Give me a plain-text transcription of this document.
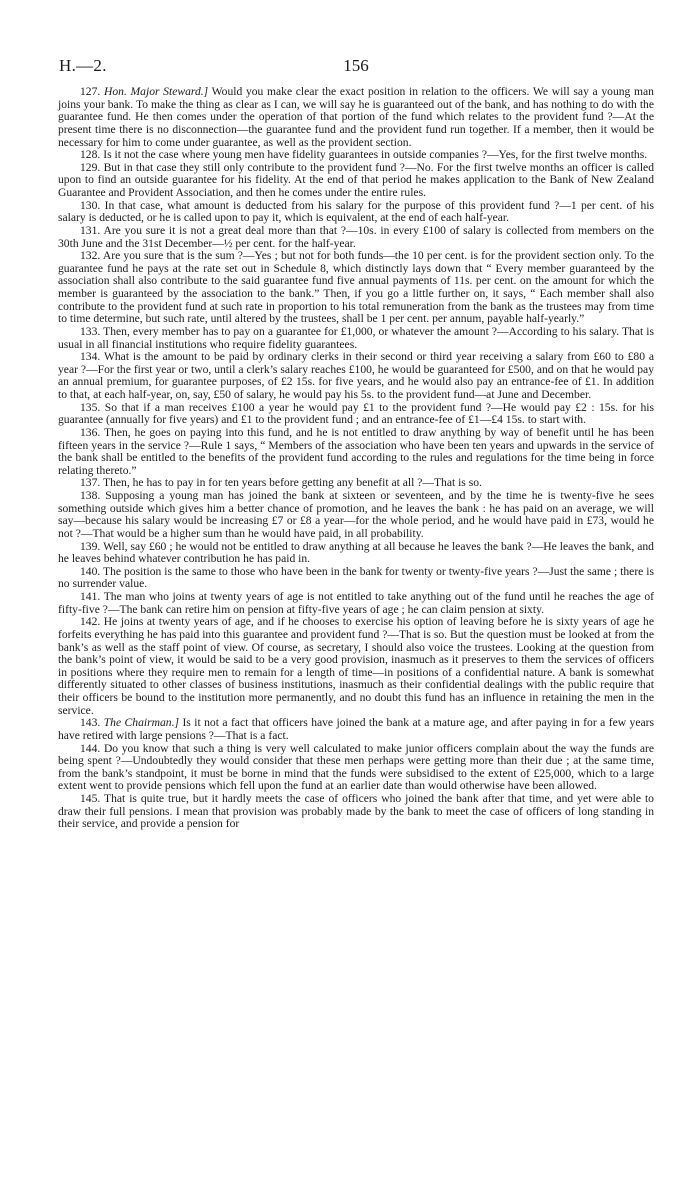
H.—2.	156

127. Hon. Major Steward.] Would you make clear the exact position in relation to the officers. We will say a young man joins your bank. To make the thing as clear as I can, we will say he is guaranteed out of the bank, and has nothing to do with the guarantee fund. He then comes under the operation of that portion of the fund which relates to the provident fund ?—At the present time there is no disconnection—the guarantee fund and the provident fund run together. If a member, then it would be necessary for him to come under guarantee, as well as the provident section.

128. Is it not the case where young men have fidelity guarantees in outside companies ?—Yes, for the first twelve months.

129. But in that case they still only contribute to the provident fund ?—No. For the first twelve months an officer is called upon to find an outside guarantee for his fidelity. At the end of that period he makes application to the Bank of New Zealand Guarantee and Provident Association, and then he comes under the entire rules.

130. In that case, what amount is deducted from his salary for the purpose of this provident fund ?—1 per cent. of his salary is deducted, or he is called upon to pay it, which is equivalent, at the end of each half-year.

131. Are you sure it is not a great deal more than that ?—10s. in every £100 of salary is collected from members on the 30th June and the 31st December—½ per cent. for the half-year.

132. Are you sure that is the sum ?—Yes ; but not for both funds—the 10 per cent. is for the provident section only. To the guarantee fund he pays at the rate set out in Schedule 8, which distinctly lays down that “ Every member guaranteed by the association shall also contribute to the said guarantee fund five annual payments of 11s. per cent. on the amount for which the member is guaranteed by the association to the bank.” Then, if you go a little further on, it says, “ Each member shall also contribute to the provident fund at such rate in proportion to his total remuneration from the bank as the trustees may from time to time determine, but such rate, until altered by the trustees, shall be 1 per cent. per annum, payable half-yearly.”

133. Then, every member has to pay on a guarantee for £1,000, or whatever the amount ?—According to his salary. That is usual in all financial institutions who require fidelity guarantees.

134. What is the amount to be paid by ordinary clerks in their second or third year receiving a salary from £60 to £80 a year ?—For the first year or two, until a clerk’s salary reaches £100, he would be guaranteed for £500, and on that he would pay an annual premium, for guarantee purposes, of £2 15s. for five years, and he would also pay an entrance-fee of £1. In addition to that, at each half-year, on, say, £50 of salary, he would pay his 5s. to the provident fund—at June and December.

135. So that if a man receives £100 a year he would pay £1 to the provident fund ?—He would pay £2 : 15s. for his guarantee (annually for five years) and £1 to the provident fund ; and an entrance-fee of £1—£4 15s. to start with.

136. Then, he goes on paying into this fund, and he is not entitled to draw anything by way of benefit until he has been fifteen years in the service ?—Rule 1 says, “ Members of the association who have been ten years and upwards in the service of the bank shall be entitled to the benefits of the provident fund according to the rules and regulations for the time being in force relating thereto.”

137. Then, he has to pay in for ten years before getting any benefit at all ?—That is so.

138. Supposing a young man has joined the bank at sixteen or seventeen, and by the time he is twenty-five he sees something outside which gives him a better chance of promotion, and he leaves the bank : he has paid on an average, we will say—because his salary would be increasing £7 or £8 a year—for the whole period, and he would have paid in £73, would he not ?—That would be a higher sum than he would have paid, in all probability.

139. Well, say £60 ; he would not be entitled to draw anything at all because he leaves the bank ?—He leaves the bank, and he leaves behind whatever contribution he has paid in.

140. The position is the same to those who have been in the bank for twenty or twenty-five years ?—Just the same ; there is no surrender value.

141. The man who joins at twenty years of age is not entitled to take anything out of the fund until he reaches the age of fifty-five ?—The bank can retire him on pension at fifty-five years of age ; he can claim pension at sixty.

142. He joins at twenty years of age, and if he chooses to exercise his option of leaving before he is sixty years of age he forfeits everything he has paid into this guarantee and provident fund ?—That is so. But the question must be looked at from the bank’s as well as the staff point of view. Of course, as secretary, I should also voice the trustees. Looking at the question from the bank’s point of view, it would be said to be a very good provision, inasmuch as it preserves to them the services of officers in positions where they require men to remain for a length of time—in positions of a confidential nature. A bank is somewhat differently situated to other classes of business institutions, inasmuch as their confidential dealings with the public require that their officers be bound to the institution more permanently, and no doubt this fund has an influence in retaining the men in the service.

143. The Chairman.] Is it not a fact that officers have joined the bank at a mature age, and after paying in for a few years have retired with large pensions ?—That is a fact.

144. Do you know that such a thing is very well calculated to make junior officers complain about the way the funds are being spent ?—Undoubtedly they would consider that these men perhaps were getting more than their due ; at the same time, from the bank’s standpoint, it must be borne in mind that the funds were subsidised to the extent of £25,000, which to a large extent went to provide pensions which fell upon the fund at an earlier date than would otherwise have been allowed.

145. That is quite true, but it hardly meets the case of officers who joined the bank after that time, and yet were able to draw their full pensions. I mean that provision was probably made by the bank to meet the case of officers of long standing in their service, and provide a pension for
